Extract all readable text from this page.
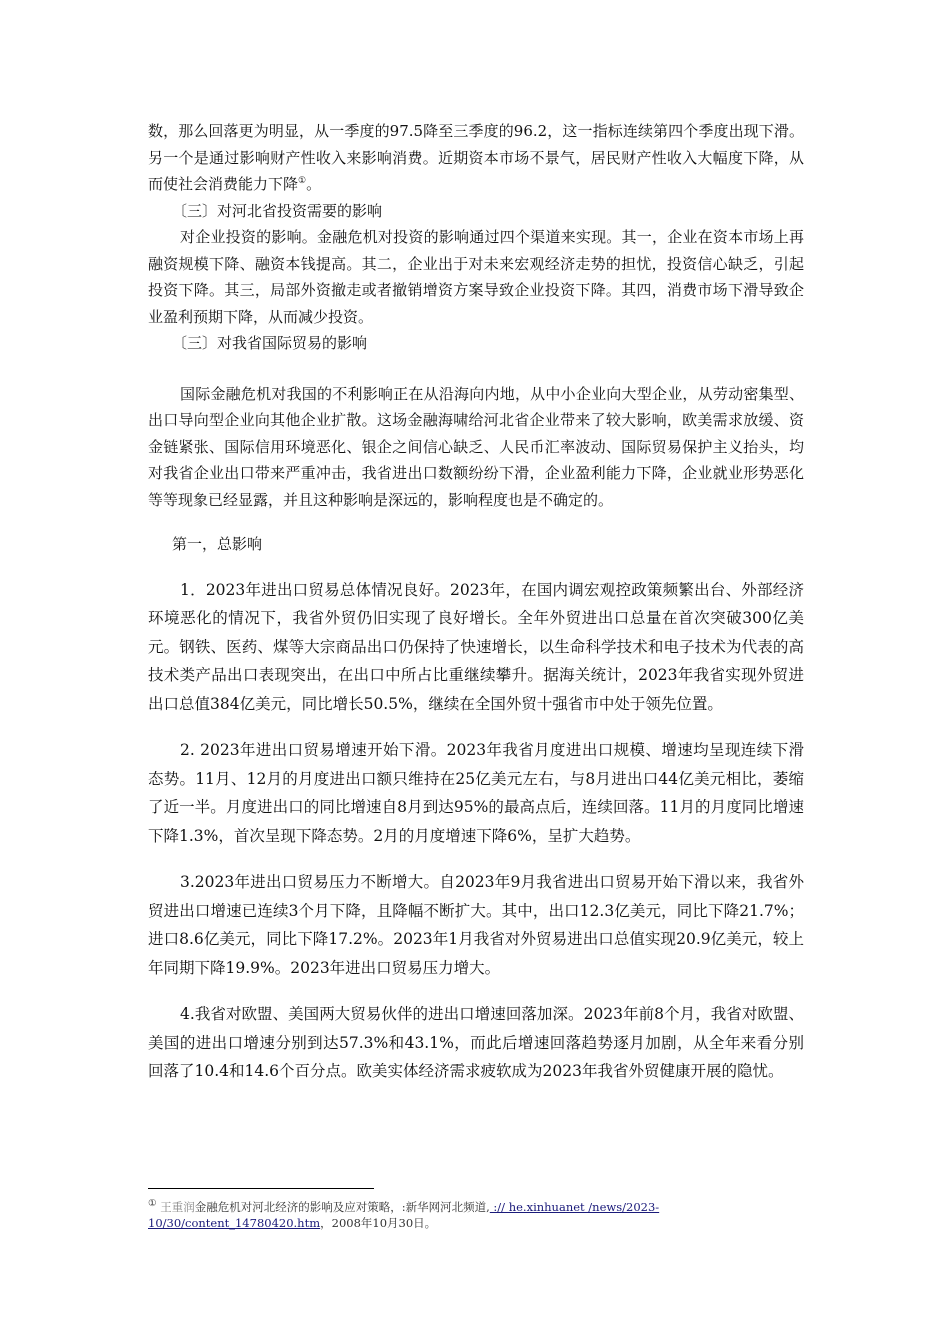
数，那么回落更为明显，从一季度的97.5降至三季度的96.2，这一指标连续第四个季度出现下滑。另一个是通过影响财产性收入来影响消费。近期资本市场不景气，居民财产性收入大幅度下降，从而使社会消费能力下降①。

〔三〕对河北省投资需要的影响

对企业投资的影响。金融危机对投资的影响通过四个渠道来实现。其一，企业在资本市场上再融资规模下降、融资本钱提高。其二，企业出于对未来宏观经济走势的担忧，投资信心缺乏，引起投资下降。其三，局部外资撤走或者撤销增资方案导致企业投资下降。其四，消费市场下滑导致企业盈利预期下降，从而减少投资。

〔三〕对我省国际贸易的影响

国际金融危机对我国的不利影响正在从沿海向内地，从中小企业向大型企业，从劳动密集型、出口导向型企业向其他企业扩散。这场金融海啸给河北省企业带来了较大影响，欧美需求放缓、资金链紧张、国际信用环境恶化、银企之间信心缺乏、人民币汇率波动、国际贸易保护主义抬头，均对我省企业出口带来严重冲击，我省进出口数额纷纷下滑，企业盈利能力下降，企业就业形势恶化等等现象已经显露，并且这种影响是深远的，影响程度也是不确定的。

第一，总影响

1．2023年进出口贸易总体情况良好。2023年，在国内调宏观控政策频繁出台、外部经济环境恶化的情况下，我省外贸仍旧实现了良好增长。全年外贸进出口总量在首次突破300亿美元。钢铁、医药、煤等大宗商品出口仍保持了快速增长，以生命科学技术和电子技术为代表的高技术类产品出口表现突出，在出口中所占比重继续攀升。据海关统计，2023年我省实现外贸进出口总值384亿美元，同比增长50.5%，继续在全国外贸十强省市中处于领先位置。

2. 2023年进出口贸易增速开始下滑。2023年我省月度进出口规模、增速均呈现连续下滑态势。11月、12月的月度进出口额只维持在25亿美元左右，与8月进出口44亿美元相比，萎缩了近一半。月度进出口的同比增速自8月到达95%的最高点后，连续回落。11月的月度同比增速下降1.3%，首次呈现下降态势。2月的月度增速下降6%，呈扩大趋势。

3.2023年进出口贸易压力不断增大。自2023年9月我省进出口贸易开始下滑以来，我省外贸进出口增速已连续3个月下降，且降幅不断扩大。其中，出口12.3亿美元，同比下降21.7%；进口8.6亿美元，同比下降17.2%。2023年1月我省对外贸易进出口总值实现20.9亿美元，较上年同期下降19.9%。2023年进出口贸易压力增大。

4.我省对欧盟、美国两大贸易伙伴的进出口增速回落加深。2023年前8个月，我省对欧盟、美国的进出口增速分别到达57.3%和43.1%，而此后增速回落趋势逐月加剧，从全年来看分别回落了10.4和14.6个百分点。欧美实体经济需求疲软成为2023年我省外贸健康开展的隐忧。

① 王重润金融危机对河北经济的影响及应对策略，:新华网河北频道, :// he.xinhuanet /news/2023-10/30/content_14780420.htm，2008年10月30日。
